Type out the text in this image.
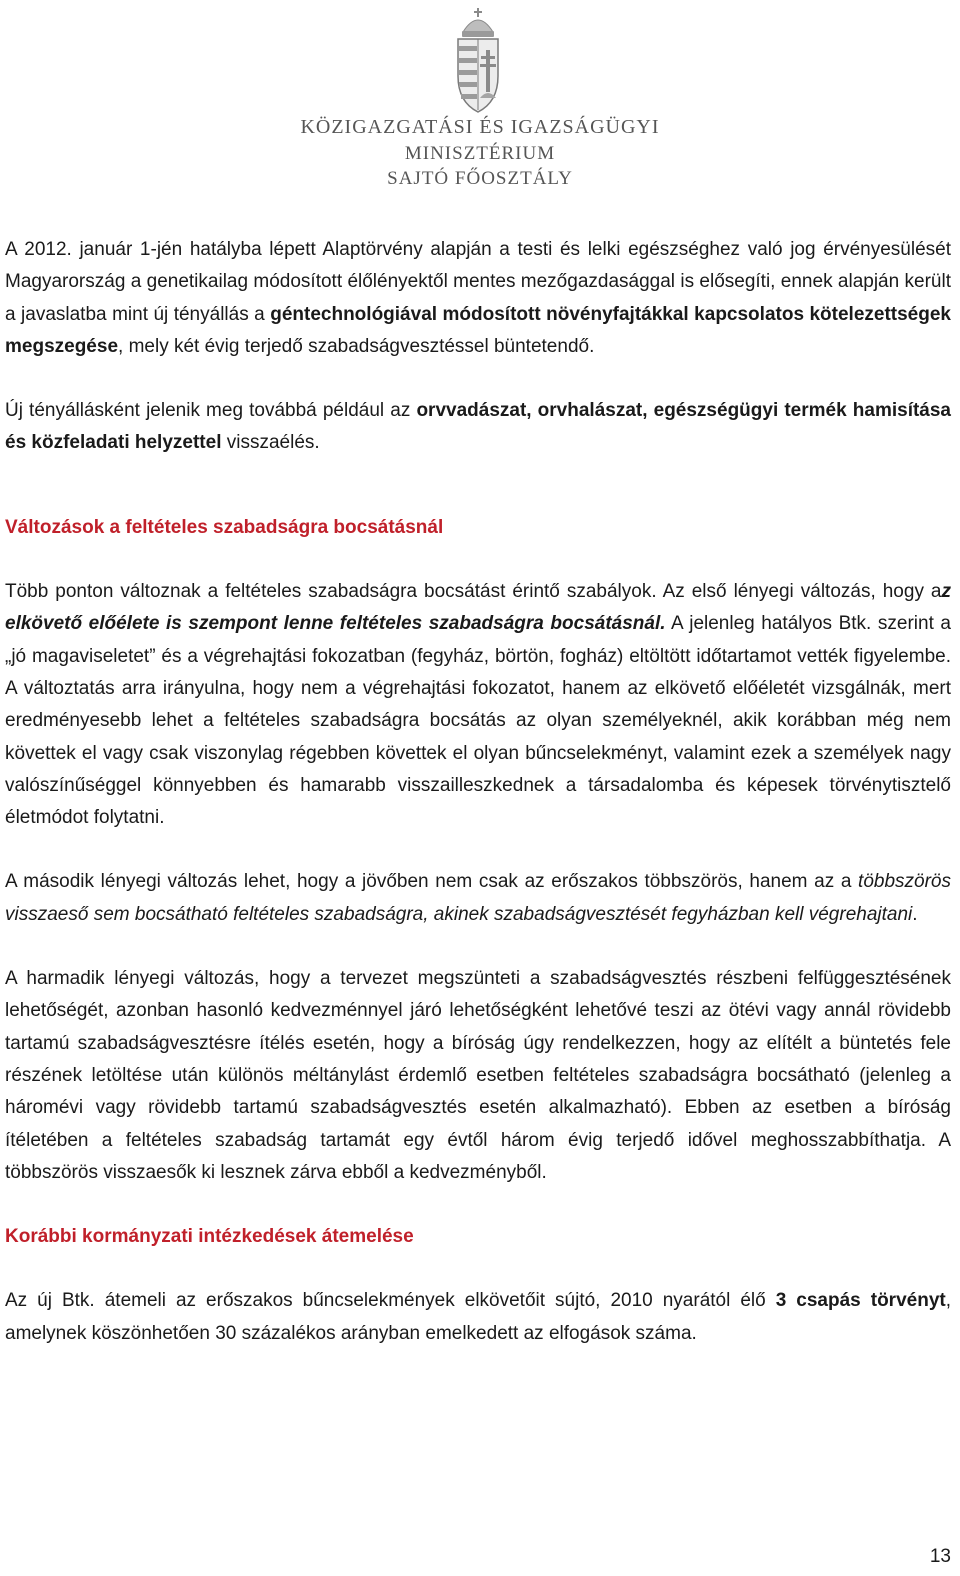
KÖZIGAZGATÁSI ÉS IGAZSÁGÜGYI
MINISZTÉRIUM
SAJTÓ FŐOSZTÁLY

A 2012. január 1-jén hatályba lépett Alaptörvény alapján a testi és lelki egészséghez való jog érvényesülését Magyarország a genetikailag módosított élőlényektől mentes mezőgazdasággal is elősegíti, ennek alapján került a javaslatba mint új tényállás a géntechnológiával módosított növényfajtákkal kapcsolatos kötelezettségek megszegése, mely két évig terjedő szabadságvesztéssel büntetendő.

Új tényállásként jelenik meg továbbá például az orvvadászat, orvhalászat, egészségügyi termék hamisítása és közfeladati helyzettel visszaélés.

Változások a feltételes szabadságra bocsátásnál

Több ponton változnak a feltételes szabadságra bocsátást érintő szabályok. Az első lényegi változás, hogy az elkövető előélete is szempont lenne feltételes szabadságra bocsátásnál. A jelenleg hatályos Btk. szerint a „jó magaviseletet” és a végrehajtási fokozatban (fegyház, börtön, fogház) eltöltött időtartamot vették figyelembe. A változtatás arra irányulna, hogy nem a végrehajtási fokozatot, hanem az elkövető előéletét vizsgálnák, mert eredményesebb lehet a feltételes szabadságra bocsátás az olyan személyeknél, akik korábban még nem követtek el vagy csak viszonylag régebben követtek el olyan bűncselekményt, valamint ezek a személyek nagy valószínűséggel könnyebben és hamarabb visszailleszkednek a társadalomba és képesek törvénytisztelő életmódot folytatni.

A második lényegi változás lehet, hogy a jövőben nem csak az erőszakos többszörös, hanem az a többszörös visszaeső sem bocsátható feltételes szabadságra, akinek szabadságvesztését fegyházban kell végrehajtani.

A harmadik lényegi változás, hogy a tervezet megszünteti a szabadságvesztés részbeni felfüggesztésének lehetőségét, azonban hasonló kedvezménnyel járó lehetőségként lehetővé teszi az ötévi vagy annál rövidebb tartamú szabadságvesztésre ítélés esetén, hogy a bíróság úgy rendelkezzen, hogy az elítélt a büntetés fele részének letöltése után különös méltánylást érdemlő esetben feltételes szabadságra bocsátható (jelenleg a háromévi vagy rövidebb tartamú szabadságvesztés esetén alkalmazható). Ebben az esetben a bíróság ítéletében a feltételes szabadság tartamát egy évtől három évig terjedő idővel meghosszabbíthatja. A többszörös visszaesők ki lesznek zárva ebből a kedvezményből.

Korábbi kormányzati intézkedések átemelése

Az új Btk. átemeli az erőszakos bűncselekmények elkövetőit sújtó, 2010 nyarától élő 3 csapás törvényt, amelynek köszönhetően 30 százalékos arányban emelkedett az elfogások száma.

13
